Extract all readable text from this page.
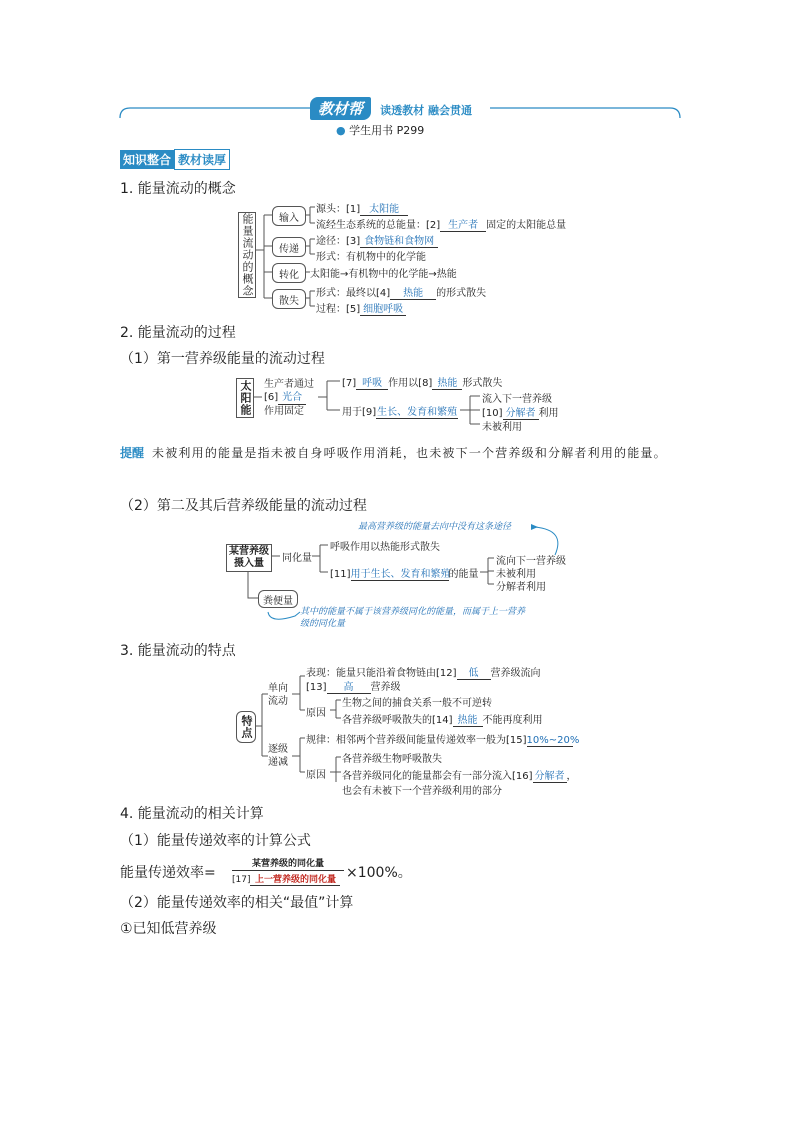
教材帮 读透教材 融会贯通
● 学生用书 P299
知识整合 教材读厚
1. 能量流动的概念
能量流动的概念	输入
传递
转化
散失
源头：[1] 太阳能
流经生态系统的总能量：[2] 生产者 固定的太阳能总量
途径：[3] 食物链和食物网
形式：有机物中的化学能
太阳能→有机物中的化学能→热能
形式：最终以[4] 热能 的形式散失
过程：[5] 细胞呼吸
2. 能量流动的过程
（1）第一营养级能量的流动过程
太阳能 生产者通过
[6] 光合
作用固定
[7] 呼吸 作用以[8] 热能 形式散失
用于[9]生长、发育和繁殖
流入下一营养级
[10] 分解者 利用
未被利用
提醒 未被利用的能量是指未被自身呼吸作用消耗，也未被下一个营养级和分解者利用的能量。
（2）第二及其后营养级能量的流动过程
最高营养级的能量去向中没有这条途径
某营养级摄入量	同化量
呼吸作用以热能形式散失
[11]用于生长、发育和繁殖的能量
流向下一营养级
未被利用
分解者利用
粪便量
其中的能量不属于该营养级同化的能量，而属于上一营养级的同化量
3. 能量流动的特点
特点
单向流动
逐级递减
表现：能量只能沿着食物链由[12] 低 营养级流向
[13] 高 营养级
原因
生物之间的捕食关系一般不可逆转
各营养级呼吸散失的[14] 热能 不能再度利用
规律：相邻两个营养级间能量传递效率一般为[15]10%~20%
原因
各营养级生物呼吸散失
各营养级同化的能量都会有一部分流入[16] 分解者 ，
也会有未被下一个营养级利用的部分
4. 能量流动的相关计算
（1）能量传递效率的计算公式
能量传递效率=
某营养级的同化量
[17] 上一营养级的同化量 ×100%。
（2）能量传递效率的相关“最值”计算
①已知低营养级
